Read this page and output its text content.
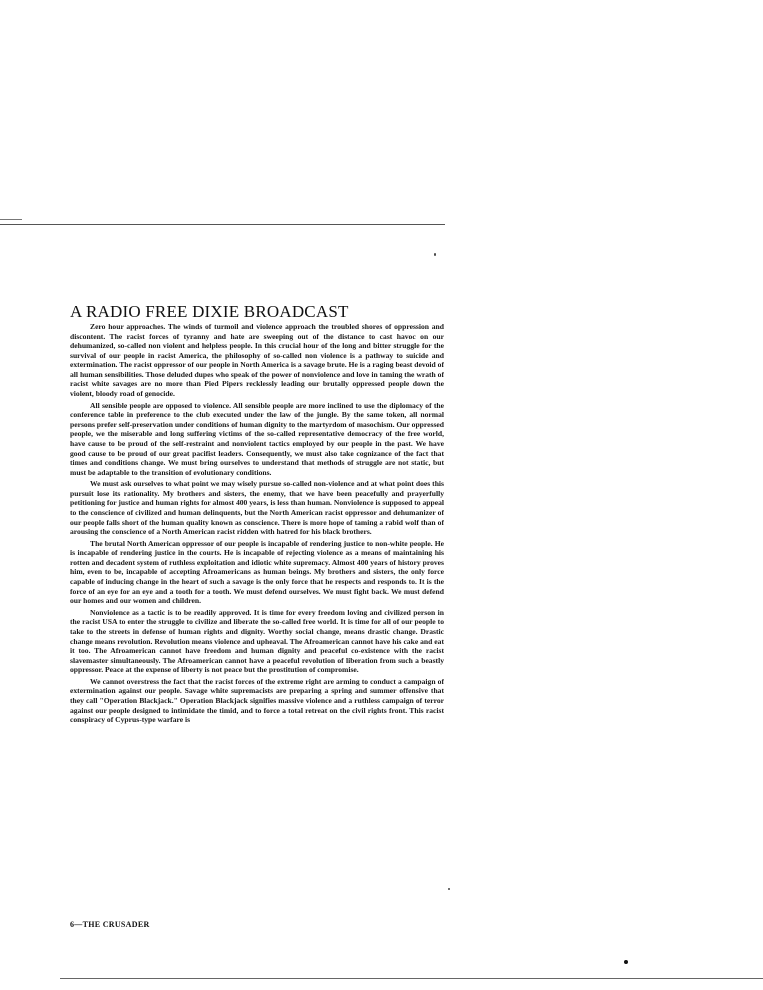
A RADIO FREE DIXIE BROADCAST

Zero hour approaches. The winds of turmoil and violence approach the troubled shores of oppression and discontent. The racist forces of tyranny and hate are sweeping out of the distance to cast havoc on our dehumanized, so-called non violent and helpless people. In this crucial hour of the long and bitter struggle for the survival of our people in racist America, the philosophy of so-called non violence is a pathway to suicide and extermination. The racist oppressor of our people in North America is a savage brute. He is a raging beast devoid of all human sensibilities. Those deluded dupes who speak of the power of nonviolence and love in taming the wrath of racist white savages are no more than Pied Pipers recklessly leading our brutally oppressed people down the violent, bloody road of genocide.

All sensible people are opposed to violence. All sensible people are more inclined to use the diplomacy of the conference table in preference to the club executed under the law of the jungle. By the same token, all normal persons prefer self-preservation under conditions of human dignity to the martyrdom of masochism. Our oppressed people, we the miserable and long suffering victims of the so-called representative democracy of the free world, have cause to be proud of the self-restraint and nonviolent tactics employed by our people in the past. We have good cause to be proud of our great pacifist leaders. Consequently, we must also take cognizance of the fact that times and conditions change. We must bring ourselves to understand that methods of struggle are not static, but must be adaptable to the transition of evolutionary conditions.

We must ask ourselves to what point we may wisely pursue so-called non-violence and at what point does this pursuit lose its rationality. My brothers and sisters, the enemy, that we have been peacefully and prayerfully petitioning for justice and human rights for almost 400 years, is less than human. Nonviolence is supposed to appeal to the conscience of civilized and human delinquents, but the North American racist oppressor and dehumanizer of our people falls short of the human quality known as conscience. There is more hope of taming a rabid wolf than of arousing the conscience of a North American racist ridden with hatred for his black brothers.

The brutal North American oppressor of our people is incapable of rendering justice to non-white people. He is incapable of rendering justice in the courts. He is incapable of rejecting violence as a means of maintaining his rotten and decadent system of ruthless exploitation and idiotic white supremacy. Almost 400 years of history proves him, even to be, incapable of accepting Afroamericans as human beings. My brothers and sisters, the only force capable of inducing change in the heart of such a savage is the only force that he respects and responds to. It is the force of an eye for an eye and a tooth for a tooth. We must defend ourselves. We must fight back. We must defend our homes and our women and children.

Nonviolence as a tactic is to be readily approved. It is time for every freedom loving and civilized person in the racist USA to enter the struggle to civilize and liberate the so-called free world. It is time for all of our people to take to the streets in defense of human rights and dignity. Worthy social change, means drastic change. Drastic change means revolution. Revolution means violence and upheaval. The Afroamerican cannot have his cake and eat it too. The Afroamerican cannot have freedom and human dignity and peaceful co-existence with the racist slavemaster simultaneously. The Afroamerican cannot have a peaceful revolution of liberation from such a beastly oppressor. Peace at the expense of liberty is not peace but the prostitution of compromise.

We cannot overstress the fact that the racist forces of the extreme right are arming to conduct a campaign of extermination against our people. Savage white supremacists are preparing a spring and summer offensive that they call "Operation Blackjack." Operation Blackjack signifies massive violence and a ruthless campaign of terror against our people designed to intimidate the timid, and to force a total retreat on the civil rights front. This racist conspiracy of Cyprus-type warfare is

6—THE CRUSADER
